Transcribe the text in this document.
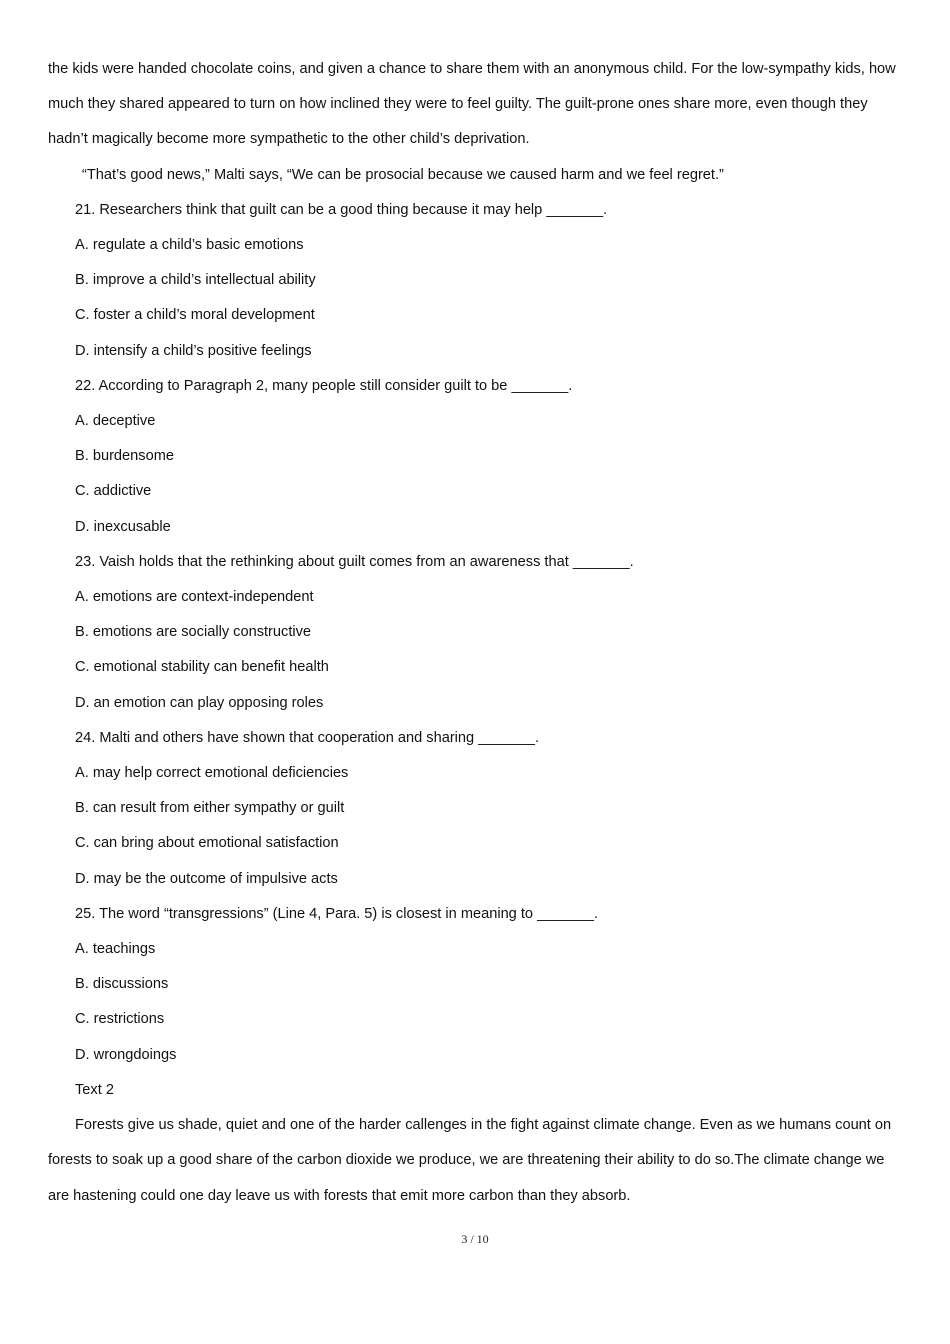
the kids were handed chocolate coins, and given a chance to share them with an anonymous child. For the low-sympathy kids, how
much they shared appeared to turn on how inclined they were to feel guilty. The guilt-prone ones share more, even though they
hadn’t magically become more sympathetic to the other child’s deprivation.

“That’s good news,” Malti says, “We can be prosocial because we caused harm and we feel regret.”

21. Researchers think that guilt can be a good thing because it may help _______.

A. regulate a child’s basic emotions

B. improve a child’s intellectual ability

C. foster a child’s moral development

D. intensify a child’s positive feelings

22. According to Paragraph 2, many people still consider guilt to be _______.

A. deceptive

B. burdensome

C. addictive

D. inexcusable

23. Vaish holds that the rethinking about guilt comes from an awareness that _______.

A. emotions are context-independent

B. emotions are socially constructive

C. emotional stability can benefit health

D. an emotion can play opposing roles

24. Malti and others have shown that cooperation and sharing _______.

A. may help correct emotional deficiencies

B. can result from either sympathy or guilt

C. can bring about emotional satisfaction

D. may be the outcome of impulsive acts

25. The word “transgressions” (Line 4, Para. 5) is closest in meaning to _______.

A. teachings

B. discussions

C. restrictions

D. wrongdoings

Text 2

Forests give us shade, quiet and one of the harder callenges in the fight against climate change. Even as we humans count on
forests to soak up a good share of the carbon dioxide we produce, we are threatening their ability to do so.The climate change we
are hastening could one day leave us with forests that emit more carbon than they absorb.

3 / 10
